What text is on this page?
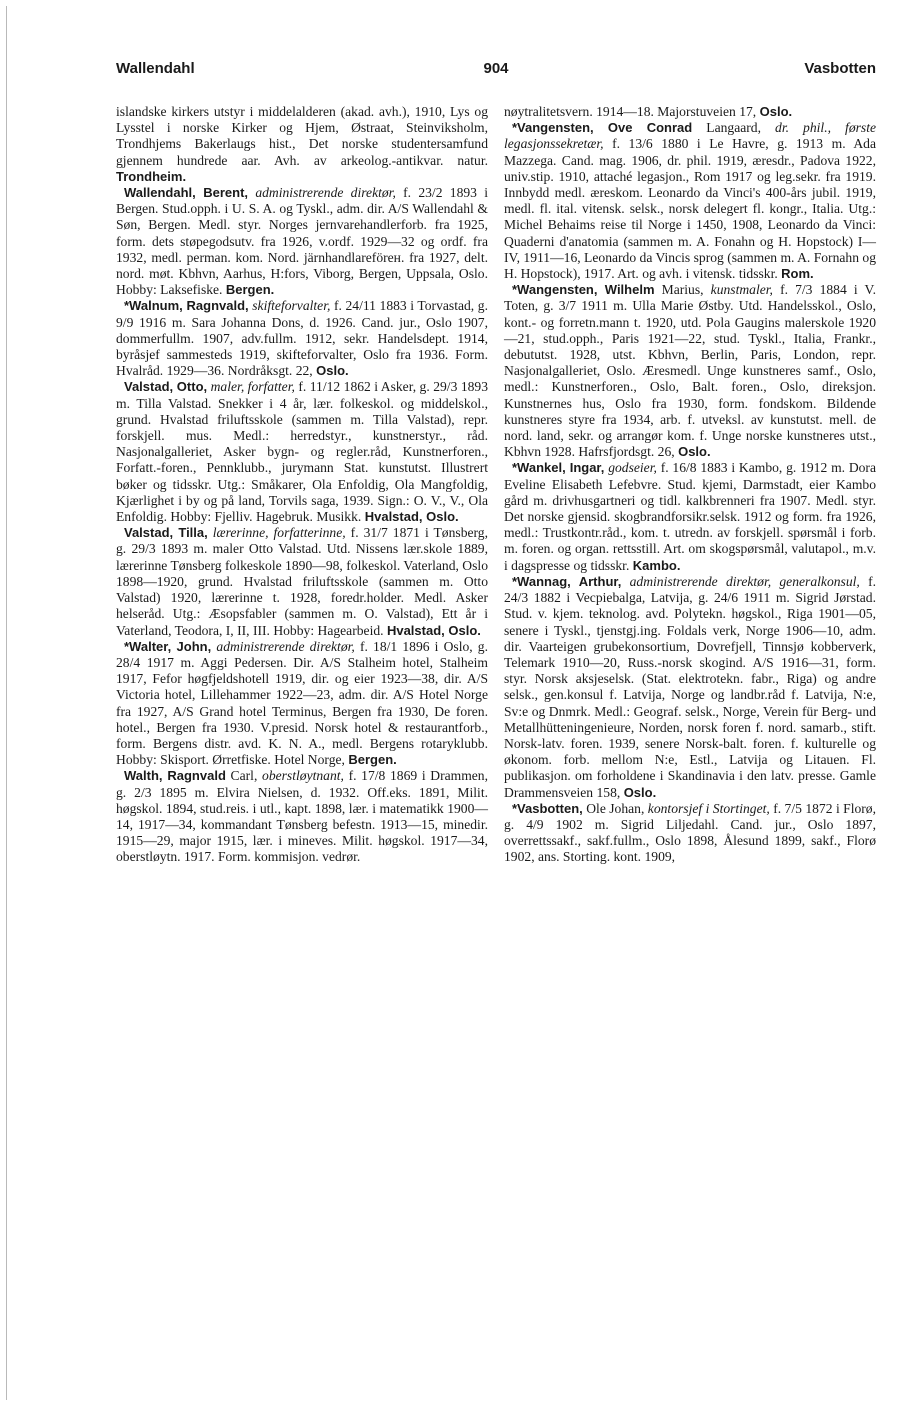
Wallendahl	904	Vasbotten

islandske kirkers utstyr i middelalderen (akad. avh.), 1910, Lys og Lysstel i norske Kirker og Hjem, Østraat, Steinviksholm, Trondhjems Bakerlaugs hist., Det norske studentersamfund gjennem hundrede aar. Avh. av arkeolog.-antikvar. natur. Trondheim.

Wallendahl, Berent, administrerende direktør, f. 23/2 1893 i Bergen. Stud.opph. i U. S. A. og Tyskl., adm. dir. A/S Wallendahl & Søn, Bergen. Medl. styr. Norges jernvarehandlerforb. fra 1925, form. dets støpegodsutv. fra 1926, v.ordf. 1929—32 og ordf. fra 1932, medl. perman. kom. Nord. järnhandlareförен. fra 1927, delt. nord. møt. Kbhvn, Aarhus, H:fors, Viborg, Bergen, Uppsala, Oslo. Hobby: Laksefiske. Bergen.

*Walnum, Ragnvald, skifteforvalter, f. 24/11 1883 i Torvastad, g. 9/9 1916 m. Sara Johanna Dons, d. 1926. Cand. jur., Oslo 1907, dommerfullm. 1907, adv.fullm. 1912, sekr. Handelsdept. 1914, byråsjef sammesteds 1919, skifteforvalter, Oslo fra 1936. Form. Hvalråd. 1929—36. Nordråksgt. 22, Oslo.

Valstad, Otto, maler, forfatter, f. 11/12 1862 i Asker, g. 29/3 1893 m. Tilla Valstad. Snekker i 4 år, lær. folkeskol. og middelskol., grund. Hvalstad friluftsskole (sammen m. Tilla Valstad), repr. forskjell. mus. Medl.: herredstyr., kunstnerstyr., råd. Nasjonalgalleriet, Asker bygn- og regler.råd, Kunstnerforen., Forfatt.-foren., Pennklubb., jurymann Stat. kunstutst. Illustrert bøker og tidsskr. Utg.: Småkarer, Ola Enfoldig, Ola Mangfoldig, Kjærlighet i by og på land, Torvils saga, 1939. Sign.: O. V., V., Ola Enfoldig. Hobby: Fjelliv. Hagebruk. Musikk. Hvalstad, Oslo.

Valstad, Tilla, lærerinne, forfatterinne, f. 31/7 1871 i Tønsberg, g. 29/3 1893 m. maler Otto Valstad. Utd. Nissens lær.skole 1889, lærerinne Tønsberg folkeskole 1890—98, folkeskol. Vaterland, Oslo 1898—1920, grund. Hvalstad friluftsskole (sammen m. Otto Valstad) 1920, lærerinne t. 1928, foredr.holder. Medl. Asker helseråd. Utg.: Æsopsfabler (sammen m. O. Valstad), Ett år i Vaterland, Teodora, I, II, III. Hobby: Hagearbeid. Hvalstad, Oslo.

*Walter, John, administrerende direktør, f. 18/1 1896 i Oslo, g. 28/4 1917 m. Aggi Pedersen. Dir. A/S Stalheim hotel, Stalheim 1917, Fefor høgfjeldshotell 1919, dir. og eier 1923—38, dir. A/S Victoria hotel, Lillehammer 1922—23, adm. dir. A/S Hotel Norge fra 1927, A/S Grand hotel Terminus, Bergen fra 1930, De foren. hotel., Bergen fra 1930. V.presid. Norsk hotel & restaurantforb., form. Bergens distr. avd. K. N. A., medl. Bergens rotaryklubb. Hobby: Skisport. Ørretfiske. Hotel Norge, Bergen.

Walth, Ragnvald Carl, oberstløytnant, f. 17/8 1869 i Drammen, g. 2/3 1895 m. Elvira Nielsen, d. 1932. Off.eks. 1891, Milit. høgskol. 1894, stud.reis. i utl., kapt. 1898, lær. i matematikk 1900—14, 1917—34, kommandant Tønsberg befestn. 1913—15, minedir. 1915—29, major 1915, lær. i mineves. Milit. høgskol. 1917—34, oberstløytn. 1917. Form. kommisjon. vedrør.

nøytralitetsvern. 1914—18. Majorstuveien 17, Oslo.

*Vangensten, Ove Conrad Langaard, dr. phil., første legasjonssekretær, f. 13/6 1880 i Le Havre, g. 1913 m. Ada Mazzega. Cand. mag. 1906, dr. phil. 1919, æresdr., Padova 1922, univ.stip. 1910, attaché legasjon., Rom 1917 og leg.sekr. fra 1919. Innbydd medl. æreskom. Leonardo da Vinci's 400-års jubil. 1919, medl. fl. ital. vitensk. selsk., norsk delegert fl. kongr., Italia. Utg.: Michel Behaims reise til Norge i 1450, 1908, Leonardo da Vinci: Quaderni d'anatomia (sammen m. A. Fonahn og H. Hopstock) I—IV, 1911—16, Leonardo da Vincis sprog (sammen m. A. Fornahn og H. Hopstock), 1917. Art. og avh. i vitensk. tidsskr. Rom.

*Wangensten, Wilhelm Marius, kunstmaler, f. 7/3 1884 i V. Toten, g. 3/7 1911 m. Ulla Marie Østby. Utd. Handelsskol., Oslo, kont.- og forretn.mann t. 1920, utd. Pola Gaugins malerskole 1920—21, stud.opph., Paris 1921—22, stud. Tyskl., Italia, Frankr., debututst. 1928, utst. Kbhvn, Berlin, Paris, London, repr. Nasjonalgalleriet, Oslo. Æresmedl. Unge kunstneres samf., Oslo, medl.: Kunstnerforen., Oslo, Balt. foren., Oslo, direksjon. Kunstnernes hus, Oslo fra 1930, form. fondskom. Bildende kunstneres styre fra 1934, arb. f. utveksl. av kunstutst. mell. de nord. land, sekr. og arrangør kom. f. Unge norske kunstneres utst., Kbhvn 1928. Hafrsfjordsgt. 26, Oslo.

*Wankel, Ingar, godseier, f. 16/8 1883 i Kambo, g. 1912 m. Dora Eveline Elisabeth Lefebvre. Stud. kjemi, Darmstadt, eier Kambo gård m. drivhusgartneri og tidl. kalkbrenneri fra 1907. Medl. styr. Det norske gjensid. skogbrandforsikr.selsk. 1912 og form. fra 1926, medl.: Trustkontr.råd., kom. t. utredn. av forskjell. spørsmål i forb. m. foren. og organ. rettsstill. Art. om skogspørsmål, valutapol., m.v. i dagspresse og tidsskr. Kambo.

*Wannag, Arthur, administrerende direktør, generalkonsul, f. 24/3 1882 i Vecpiebalga, Latvija, g. 24/6 1911 m. Sigrid Jørstad. Stud. v. kjem. teknolog. avd. Polytekn. høgskol., Riga 1901—05, senere i Tyskl., tjenstgj.ing. Foldals verk, Norge 1906—10, adm. dir. Vaarteigen grubekonsortium, Dovrefjell, Tinnsjø kobberverk, Telemark 1910—20, Russ.-norsk skogind. A/S 1916—31, form. styr. Norsk aksjeselsk. (Stat. elektrotekn. fabr., Riga) og andre selsk., gen.konsul f. Latvija, Norge og landbr.råd f. Latvija, N:e, Sv:e og Dnmrk. Medl.: Geograf. selsk., Norge, Verein für Berg- und Metallhütteningenieure, Norden, norsk foren f. nord. samarb., stift. Norsk-latv. foren. 1939, senere Norsk-balt. foren. f. kulturelle og økonom. forb. mellom N:e, Estl., Latvija og Litauen. Fl. publikasjon. om forholdene i Skandinavia i den latv. presse. Gamle Drammensveien 158, Oslo.

*Vasbotten, Ole Johan, kontorsjef i Stortinget, f. 7/5 1872 i Florø, g. 4/9 1902 m. Sigrid Liljedahl. Cand. jur., Oslo 1897, overrettssakf., sakf.fullm., Oslo 1898, Ålesund 1899, sakf., Florø 1902, ans. Storting. kont. 1909,
